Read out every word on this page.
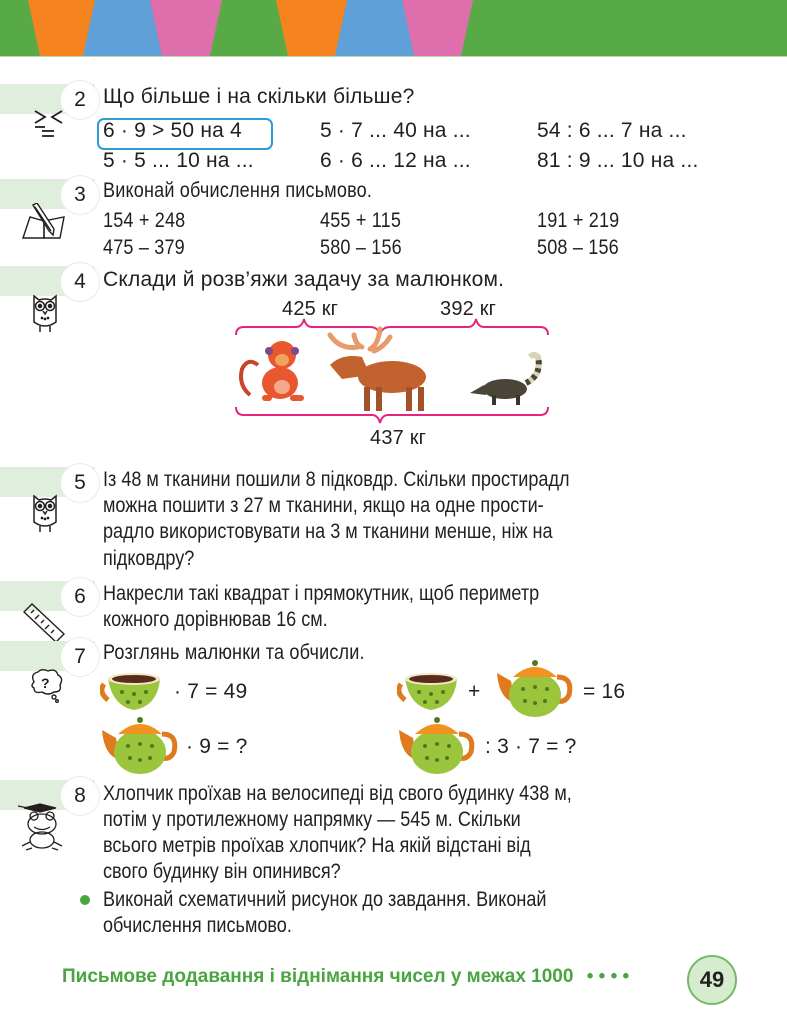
2 Що більше і на скільки більше?
6 · 9 > 50 на 4	5 · 7 ... 40 на ...	54 : 6 ... 7 на ...
5 · 5 ... 10 на ...	6 · 6 ... 12 на ...	81 : 9 ... 10 на ...
3 Виконай обчислення письмово.
154 + 248	455 + 115	191 + 219
475 – 379	580 – 156	508 – 156
4 Склади й розв’яжи задачу за малюнком.
425 кг	392 кг
437 кг
5 Із 48 м тканини пошили 8 підковдр. Скільки простирадл
можна пошити з 27 м тканини, якщо на одне прости-
радло використовувати на 3 м тканини менше, ніж на
підковдру?
6 Накресли такі квадрат і прямокутник, щоб периметр
кожного дорівнював 16 см.
7
?
Розглянь малюнки та обчисли.
· 7 = 49	+	= 16
· 9 = ?	: 3 · 7 = ?
8 Хлопчик проїхав на велосипеді від свого будинку 438 м,
потім у протилежному напрямку — 545 м. Скільки
всього метрів проїхав хлопчик? На якій відстані від
свого будинку він опинився?
Виконай схематичний рисунок до завдання. Виконай
обчислення письмово.
Письмове додавання і віднімання чисел у межах 1000 • • • •	49
